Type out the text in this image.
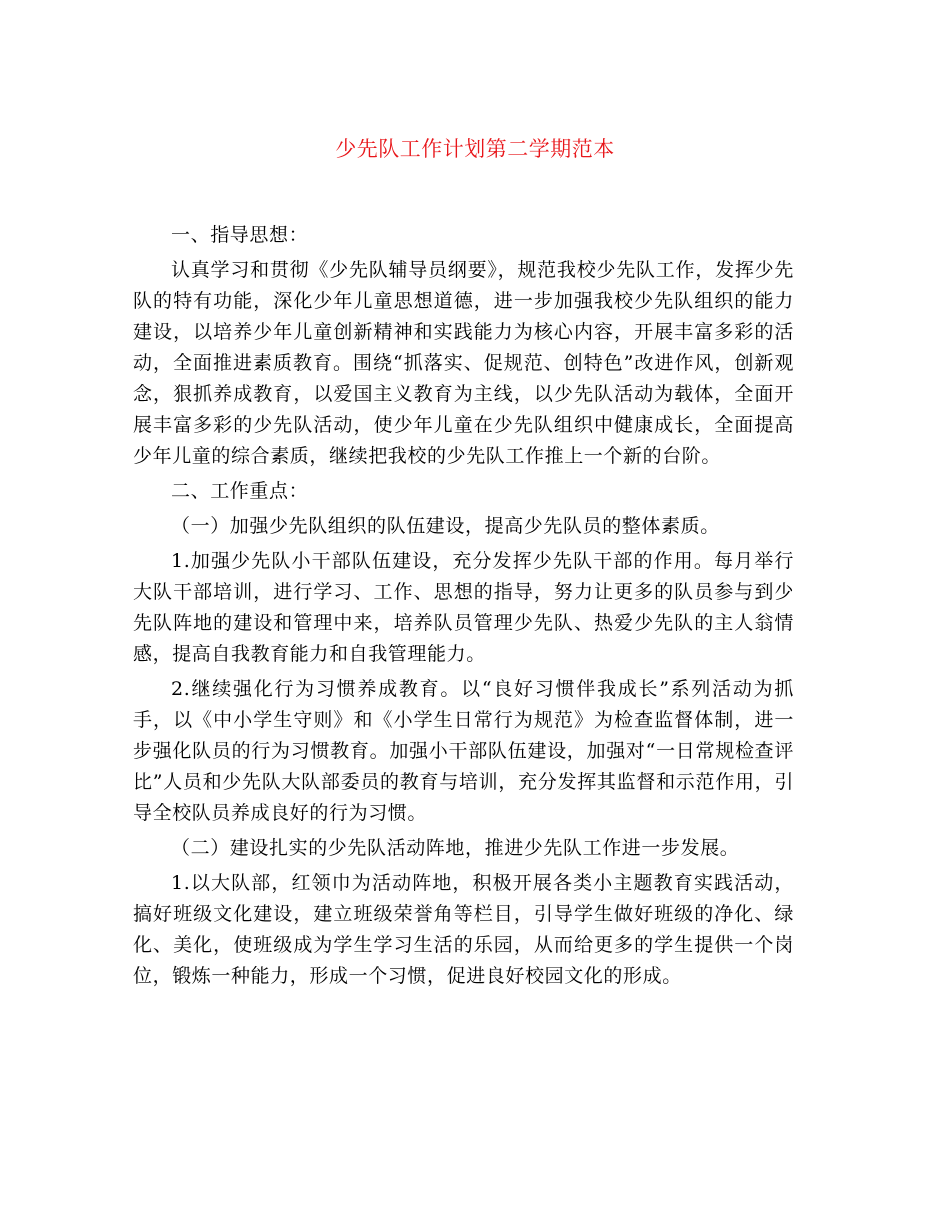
少先队工作计划第二学期范本

一、指导思想：

认真学习和贯彻《少先队辅导员纲要》，规范我校少先队工作，发挥少先队的特有功能，深化少年儿童思想道德，进一步加强我校少先队组织的能力建设，以培养少年儿童创新精神和实践能力为核心内容，开展丰富多彩的活动，全面推进素质教育。围绕“抓落实、促规范、创特色”改进作风，创新观念，狠抓养成教育，以爱国主义教育为主线，以少先队活动为载体，全面开展丰富多彩的少先队活动，使少年儿童在少先队组织中健康成长，全面提高少年儿童的综合素质，继续把我校的少先队工作推上一个新的台阶。

二、工作重点：

（一）加强少先队组织的队伍建设，提高少先队员的整体素质。

1.加强少先队小干部队伍建设，充分发挥少先队干部的作用。每月举行大队干部培训，进行学习、工作、思想的指导，努力让更多的队员参与到少先队阵地的建设和管理中来，培养队员管理少先队、热爱少先队的主人翁情感，提高自我教育能力和自我管理能力。

2.继续强化行为习惯养成教育。以“良好习惯伴我成长”系列活动为抓手，以《中小学生守则》和《小学生日常行为规范》为检查监督体制，进一步强化队员的行为习惯教育。加强小干部队伍建设，加强对“一日常规检查评比”人员和少先队大队部委员的教育与培训，充分发挥其监督和示范作用，引导全校队员养成良好的行为习惯。

（二）建设扎实的少先队活动阵地，推进少先队工作进一步发展。

1.以大队部，红领巾为活动阵地，积极开展各类小主题教育实践活动，搞好班级文化建设，建立班级荣誉角等栏目，引导学生做好班级的净化、绿化、美化，使班级成为学生学习生活的乐园，从而给更多的学生提供一个岗位，锻炼一种能力，形成一个习惯，促进良好校园文化的形成。
